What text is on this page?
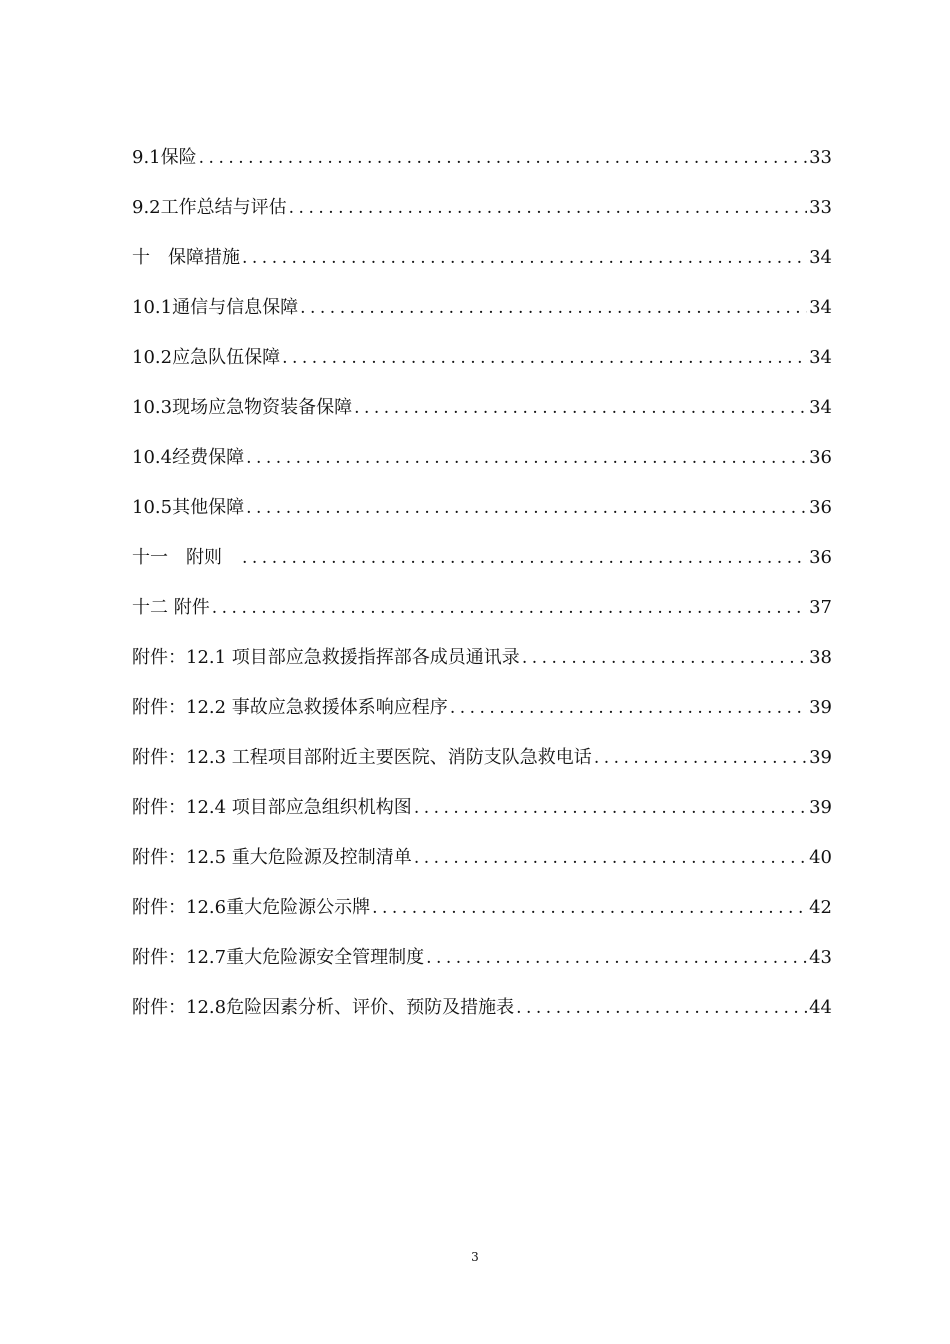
9.1保险 .....	33
9.2工作总结与评估 .....	33
十　保障措施 .....	34
10.1通信与信息保障 .....	34
10.2应急队伍保障 .....	34
10.3现场应急物资装备保障 .....	34
10.4经费保障 .....	36
10.5其他保障 .....	36
十一　附则　 .....	36
十二 附件 .....	37
附件：12.1 项目部应急救援指挥部各成员通讯录 .....	38
附件：12.2 事故应急救援体系响应程序 .....	39
附件：12.3 工程项目部附近主要医院、消防支队急救电话 .....	39
附件：12.4 项目部应急组织机构图 .....	39
附件：12.5 重大危险源及控制清单 .....	40
附件：12.6重大危险源公示牌 .....	42
附件：12.7重大危险源安全管理制度 .....	43
附件：12.8危险因素分析、评价、预防及措施表 .....	44
3
